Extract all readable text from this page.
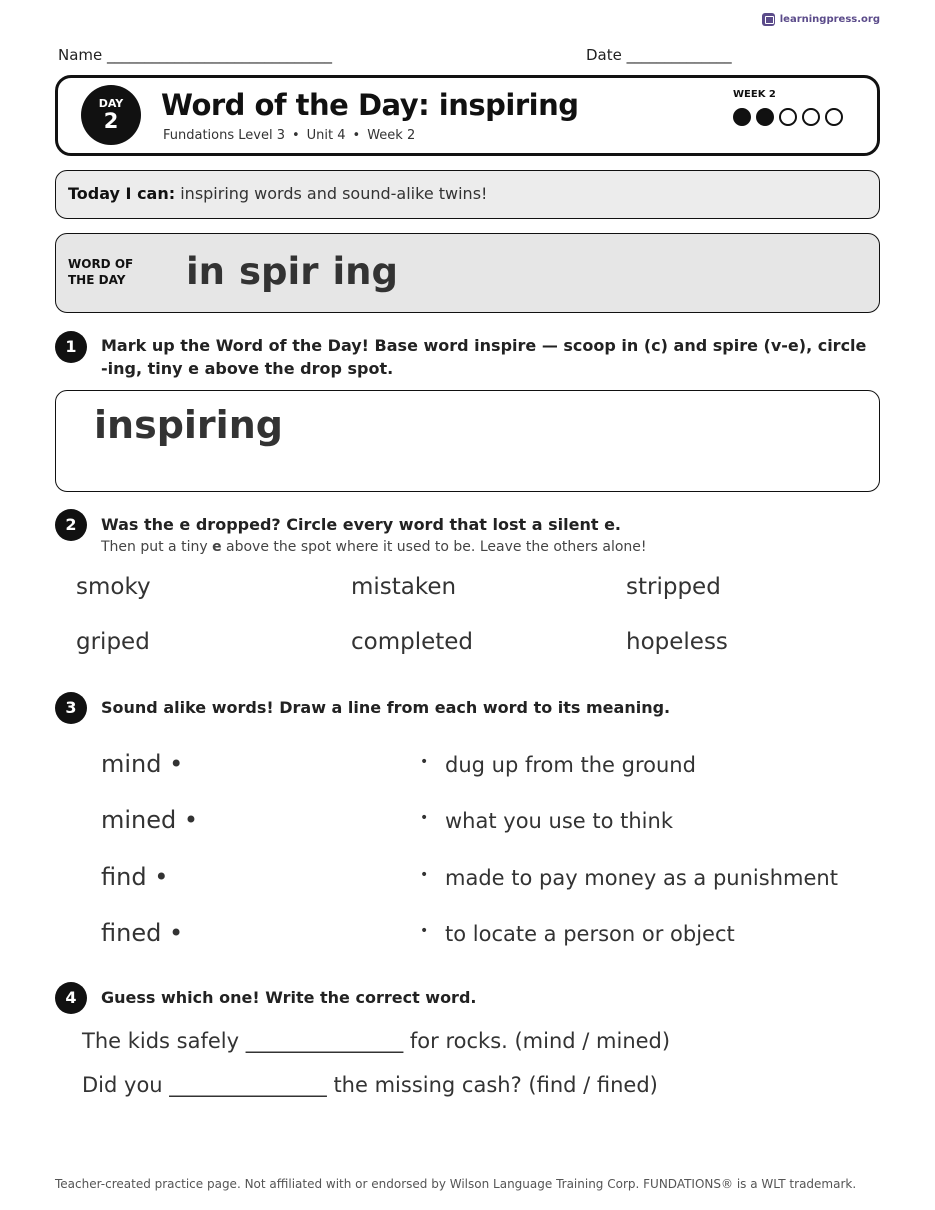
learningpress.org
Name ______________________________	Date ______________
DAY
2	Word of the Day: inspiring
Fundations Level 3 • Unit 4 • Week 2
WEEK 2
Today I can: inspiring words and sound-alike twins!
WORD OF
THE DAY	in spir ing
1	Mark up the Word of the Day! Base word inspire — scoop in (c) and spire (v-e), circle -ing, tiny e above the drop spot.
inspiring
2	Was the e dropped? Circle every word that lost a silent e.
Then put a tiny e above the spot where it used to be. Leave the others alone!
smoky	mistaken	stripped
griped	completed	hopeless
3	Sound alike words! Draw a line from each word to its meaning.
mind •
mined •
find •
fined •
• dug up from the ground
• what you use to think
• made to pay money as a punishment
• to locate a person or object
4	Guess which one! Write the correct word.
The kids safely _______________ for rocks. (mind / mined)
Did you _______________ the missing cash? (find / fined)
Teacher-created practice page. Not affiliated with or endorsed by Wilson Language Training Corp. FUNDATIONS® is a WLT trademark.
